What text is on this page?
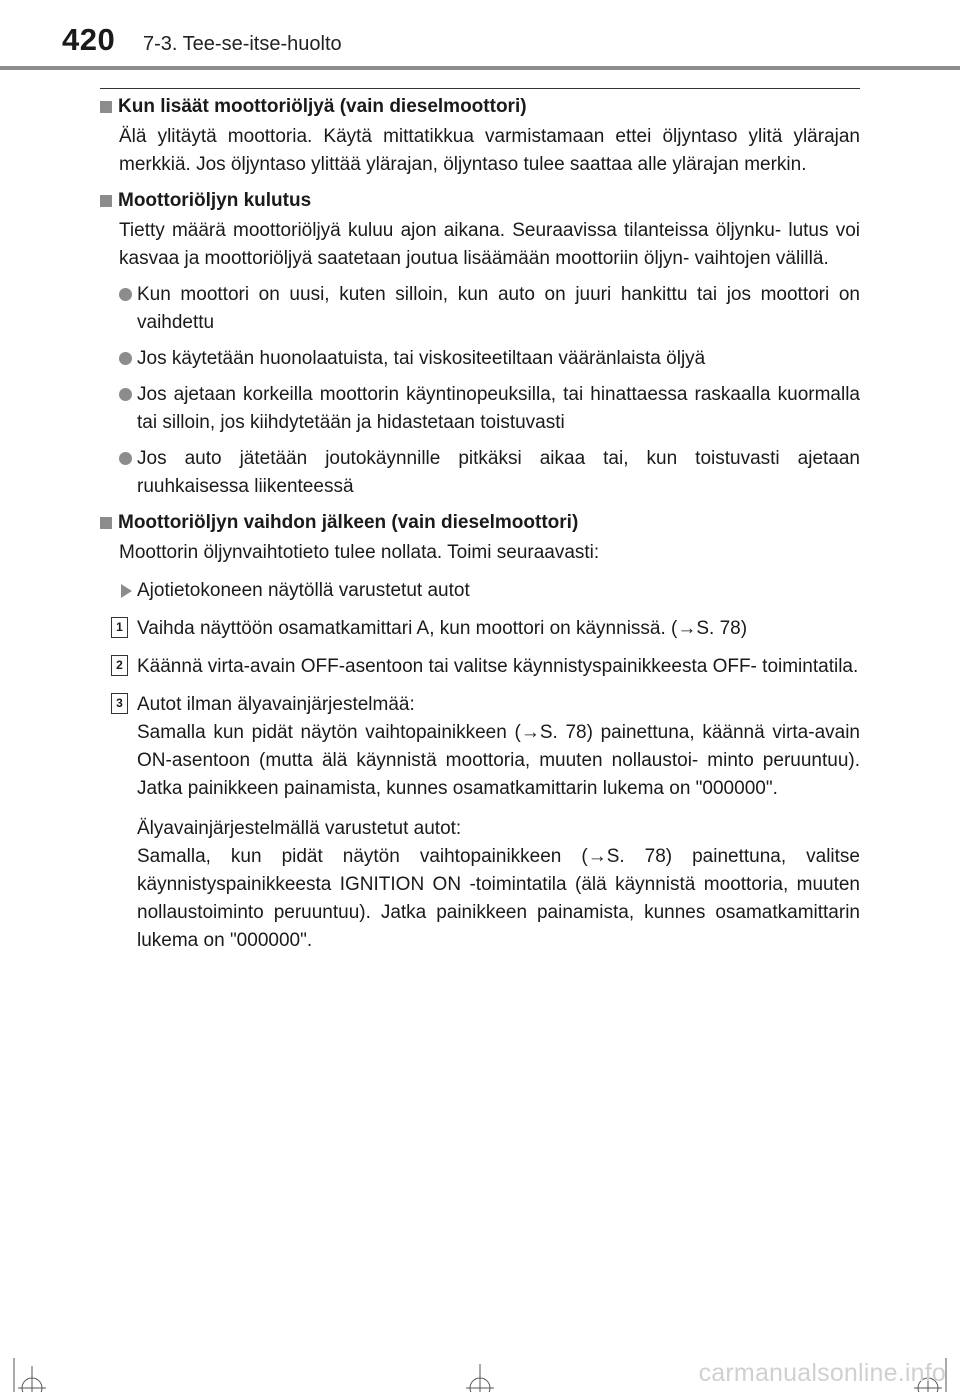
420 7-3. Tee-se-itse-huolto
Kun lisäät moottoriöljyä (vain dieselmoottori)

Älä ylitäytä moottoria. Käytä mittatikkua varmistamaan ettei öljyntaso ylitä ylärajan merkkiä. Jos öljyntaso ylittää ylärajan, öljyntaso tulee saattaa alle ylärajan merkin.

Moottoriöljyn kulutus

Tietty määrä moottoriöljyä kuluu ajon aikana. Seuraavissa tilanteissa öljynku- lutus voi kasvaa ja moottoriöljyä saatetaan joutua lisäämään moottoriin öljyn- vaihtojen välillä.

Kun moottori on uusi, kuten silloin, kun auto on juuri hankittu tai jos moottori on vaihdettu

Jos käytetään huonolaatuista, tai viskositeetiltaan vääränlaista öljyä

Jos ajetaan korkeilla moottorin käyntinopeuksilla, tai hinattaessa raskaalla kuormalla tai silloin, jos kiihdytetään ja hidastetaan toistuvasti

Jos auto jätetään joutokäynnille pitkäksi aikaa tai, kun toistuvasti ajetaan ruuhkaisessa liikenteessä

Moottoriöljyn vaihdon jälkeen (vain dieselmoottori)

Moottorin öljynvaihtotieto tulee nollata. Toimi seuraavasti:

Ajotietokoneen näytöllä varustetut autot

1 Vaihda näyttöön osamatkamittari A, kun moottori on käynnissä. (→S. 78)
2 Käännä virta-avain OFF-asentoon tai valitse käynnistyspainikkeesta OFF- toimintatila.
3 Autot ilman älyavainjärjestelmää:
Samalla kun pidät näytön vaihtopainikkeen (→S. 78) painettuna, käännä virta-avain ON-asentoon (mutta älä käynnistä moottoria, muuten nollaustoi- minto peruuntuu). Jatka painikkeen painamista, kunnes osamatkamittarin lukema on "000000".
Älyavainjärjestelmällä varustetut autot:
Samalla, kun pidät näytön vaihtopainikkeen (→S. 78) painettuna, valitse käynnistyspainikkeesta IGNITION ON -toimintatila (älä käynnistä moottoria, muuten nollaustoiminto peruuntuu). Jatka painikkeen painamista, kunnes osamatkamittarin lukema on "000000".
carmanualsonline.info
